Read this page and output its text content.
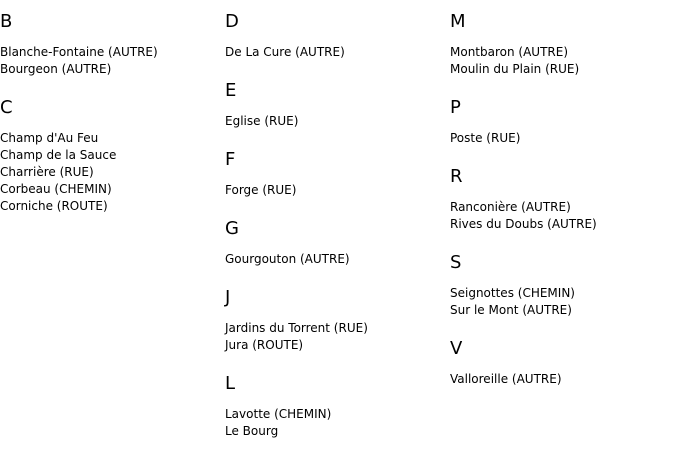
B
Blanche-Fontaine (AUTRE)
Bourgeon (AUTRE)
C
Champ d'Au Feu
Champ de la Sauce
Charrière (RUE)
Corbeau (CHEMIN)
Corniche (ROUTE)
D
De La Cure (AUTRE)
E
Eglise (RUE)
F
Forge (RUE)
G
Gourgouton (AUTRE)
J
Jardins du Torrent (RUE)
Jura (ROUTE)
L
Lavotte (CHEMIN)
Le Bourg
M
Montbaron (AUTRE)
Moulin du Plain (RUE)
P
Poste (RUE)
R
Ranconière (AUTRE)
Rives du Doubs (AUTRE)
S
Seignottes (CHEMIN)
Sur le Mont (AUTRE)
V
Valloreille (AUTRE)
